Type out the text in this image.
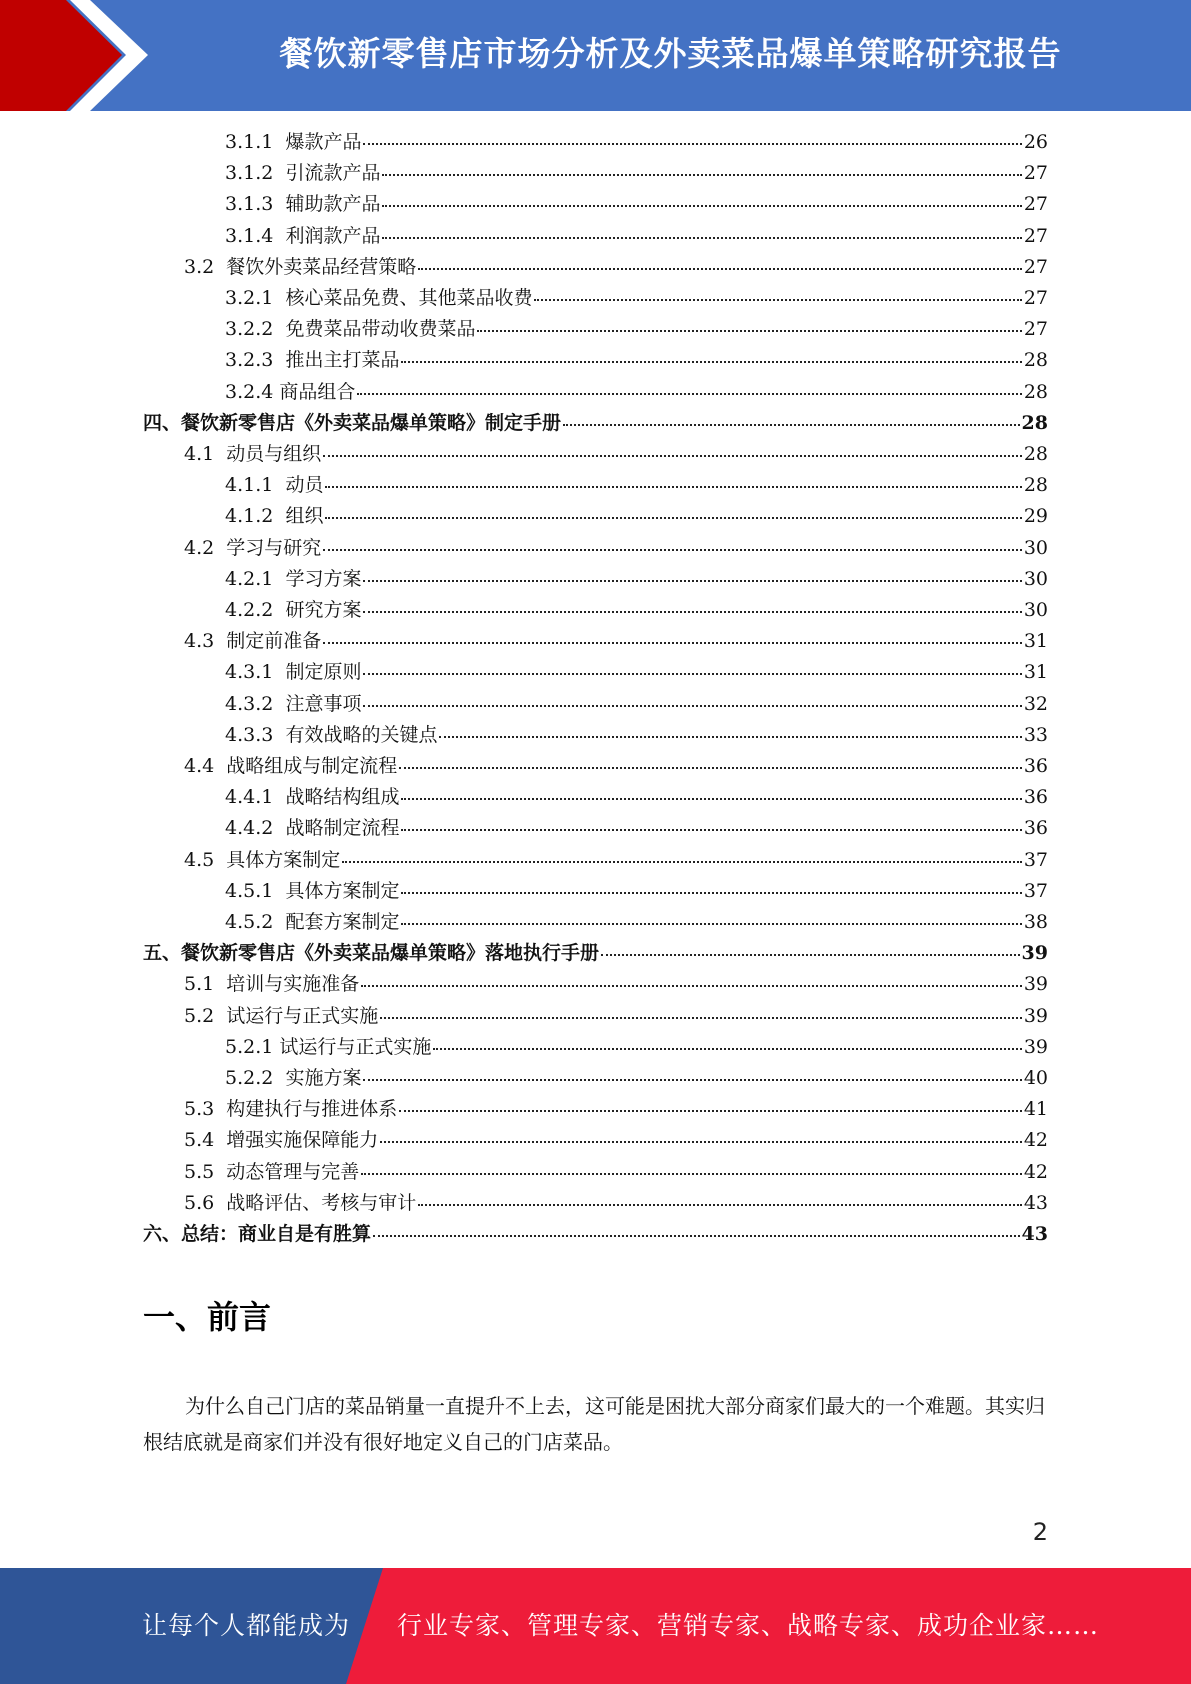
餐饮新零售店市场分析及外卖菜品爆单策略研究报告
3.1.1 爆款产品	26
3.1.2 引流款产品	27
3.1.3 辅助款产品	27
3.1.4 利润款产品	27
3.2 餐饮外卖菜品经营策略	27
3.2.1 核心菜品免费、其他菜品收费	27
3.2.2 免费菜品带动收费菜品	27
3.2.3 推出主打菜品	28
3.2.4 商品组合	28
四、 餐饮新零售店《外卖菜品爆单策略》制定手册	28
4.1 动员与组织	28
4.1.1 动员	28
4.1.2 组织	29
4.2 学习与研究	30
4.2.1 学习方案	30
4.2.2 研究方案	30
4.3 制定前准备	31
4.3.1 制定原则	31
4.3.2 注意事项	32
4.3.3 有效战略的关键点	33
4.4 战略组成与制定流程	36
4.4.1 战略结构组成	36
4.4.2 战略制定流程	36
4.5 具体方案制定	37
4.5.1 具体方案制定	37
4.5.2 配套方案制定	38
五、 餐饮新零售店《外卖菜品爆单策略》落地执行手册	39
5.1 培训与实施准备	39
5.2 试运行与正式实施	39
5.2.1 试运行与正式实施	39
5.2.2 实施方案	40
5.3 构建执行与推进体系	41
5.4 增强实施保障能力	42
5.5 动态管理与完善	42
5.6 战略评估、考核与审计	43
六、 总结：商业自是有胜算	43
一、前言
为什么自己门店的菜品销量一直提升不上去，这可能是困扰大部分商家们最大的一个难题。其实归根结底就是商家们并没有很好地定义自己的门店菜品。
2
让每个人都能成为 行业专家、管理专家、营销专家、战略专家、成功企业家……
